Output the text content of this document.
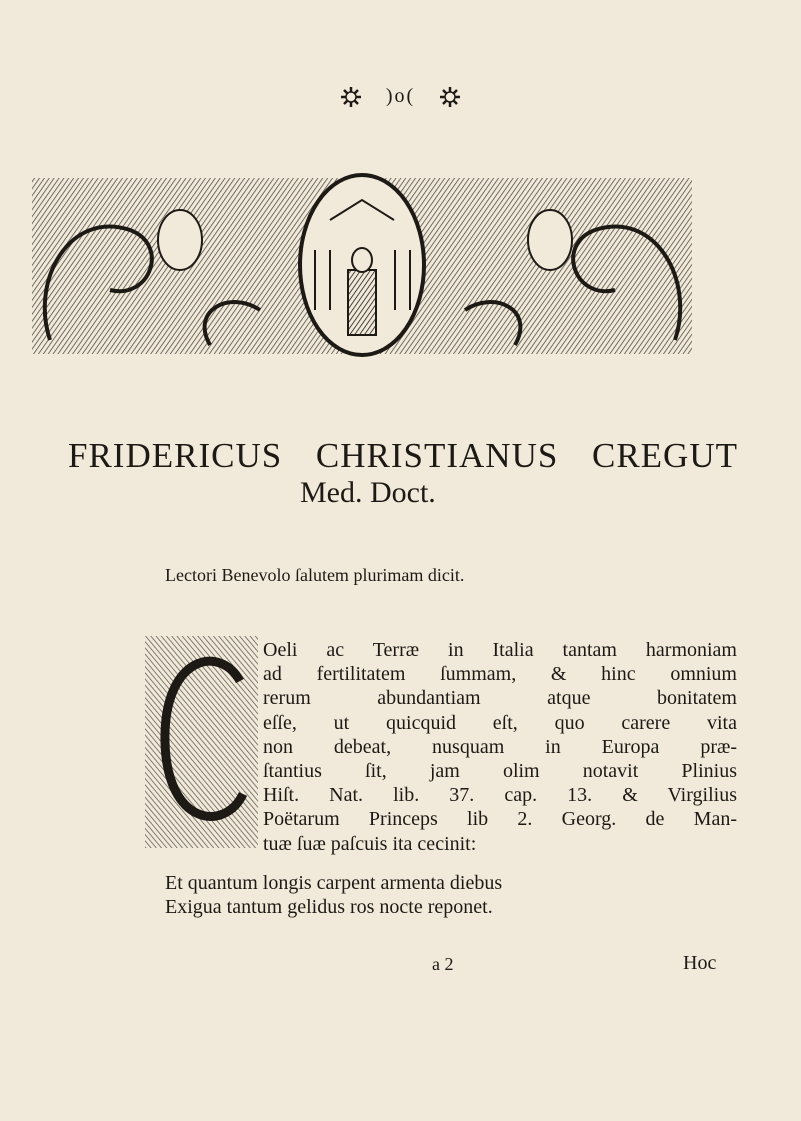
)o(
FRIDERICUS CHRISTIANUS CREGUT
Med. Doct.
Lectori Benevolo ſalutem plurimam dicit.
Oeli ac Terræ in Italia tantam harmoniam
ad fertilitatem ſummam, & hinc omnium
rerum abundantiam atque bonitatem
eſſe, ut quicquid eſt, quo carere vita
non debeat, nusquam in Europa præ-
ſtantius ſit, jam olim notavit Plinius
Hiſt. Nat. lib. 37. cap. 13. & Virgilius
Poëtarum Princeps lib 2. Georg. de Man-
tuæ ſuæ paſcuis ita cecinit:
Et quantum longis carpent armenta diebus
Exigua tantum gelidus ros nocte reponet.
a 2	Hoc
